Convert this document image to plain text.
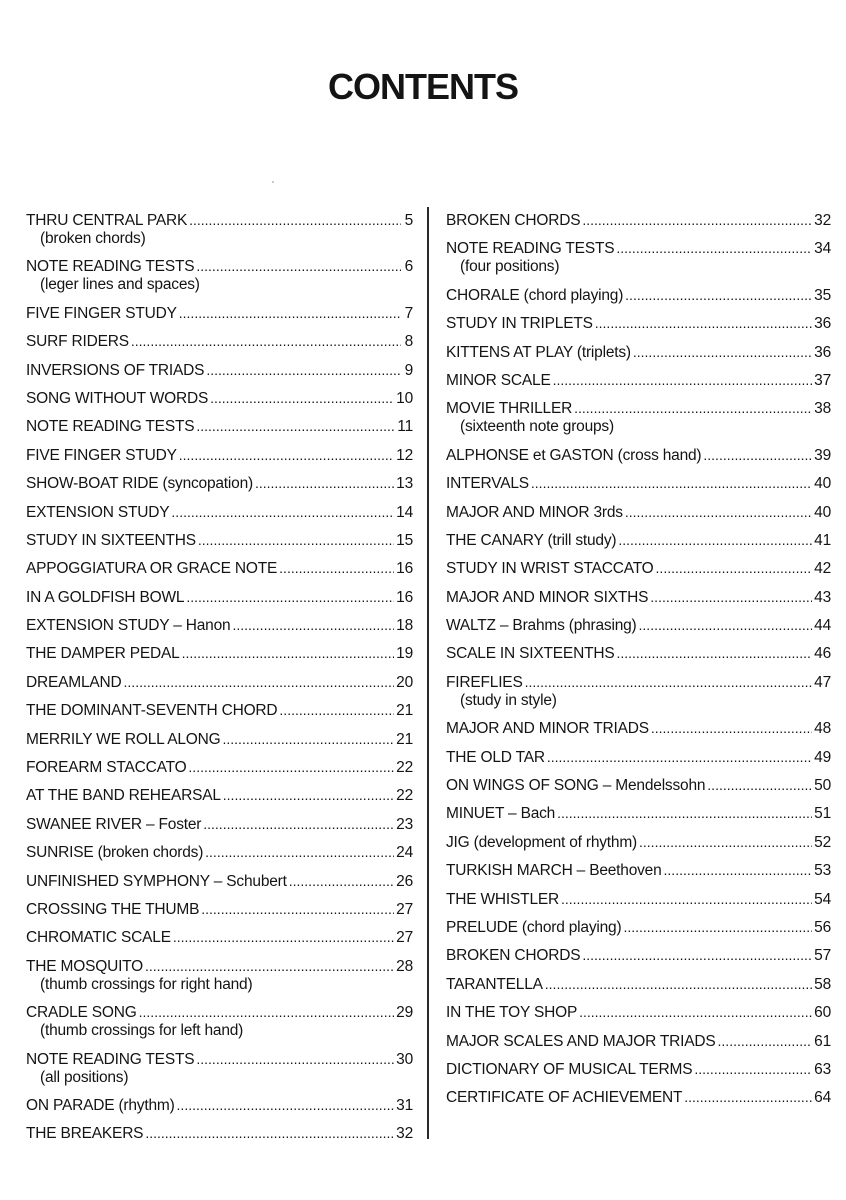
CONTENTS
THRU CENTRAL PARK .....	5
(broken chords)
NOTE READING TESTS .....	6
(leger lines and spaces)
FIVE FINGER STUDY .....	7
SURF RIDERS .....	8
INVERSIONS OF TRIADS .....	9
SONG WITHOUT WORDS .....	10
NOTE READING TESTS .....	11
FIVE FINGER STUDY .....	12
SHOW-BOAT RIDE (syncopation) .....	13
EXTENSION STUDY .....	14
STUDY IN SIXTEENTHS .....	15
APPOGGIATURA OR GRACE NOTE .....	16
IN A GOLDFISH BOWL .....	16
EXTENSION STUDY – Hanon .....	18
THE DAMPER PEDAL .....	19
DREAMLAND .....	20
THE DOMINANT-SEVENTH CHORD .....	21
MERRILY WE ROLL ALONG .....	21
FOREARM STACCATO .....	22
AT THE BAND REHEARSAL .....	22
SWANEE RIVER – Foster .....	23
SUNRISE (broken chords) .....	24
UNFINISHED SYMPHONY – Schubert .....	26
CROSSING THE THUMB .....	27
CHROMATIC SCALE .....	27
THE MOSQUITO .....	28
(thumb crossings for right hand)
CRADLE SONG .....	29
(thumb crossings for left hand)
NOTE READING TESTS .....	30
(all positions)
ON PARADE (rhythm) .....	31
THE BREAKERS .....	32
BROKEN CHORDS .....	32
NOTE READING TESTS .....	34
(four positions)
CHORALE (chord playing) .....	35
STUDY IN TRIPLETS .....	36
KITTENS AT PLAY (triplets) .....	36
MINOR SCALE .....	37
MOVIE THRILLER .....	38
(sixteenth note groups)
ALPHONSE et GASTON (cross hand) .....	39
INTERVALS .....	40
MAJOR AND MINOR 3rds .....	40
THE CANARY (trill study) .....	41
STUDY IN WRIST STACCATO .....	42
MAJOR AND MINOR SIXTHS .....	43
WALTZ – Brahms (phrasing) .....	44
SCALE IN SIXTEENTHS .....	46
FIREFLIES .....	47
(study in style)
MAJOR AND MINOR TRIADS .....	48
THE OLD TAR .....	49
ON WINGS OF SONG – Mendelssohn .....	50
MINUET – Bach .....	51
JIG (development of rhythm) .....	52
TURKISH MARCH – Beethoven .....	53
THE WHISTLER .....	54
PRELUDE (chord playing) .....	56
BROKEN CHORDS .....	57
TARANTELLA .....	58
IN THE TOY SHOP .....	60
MAJOR SCALES AND MAJOR TRIADS .....	61
DICTIONARY OF MUSICAL TERMS .....	63
CERTIFICATE OF ACHIEVEMENT .....	64
